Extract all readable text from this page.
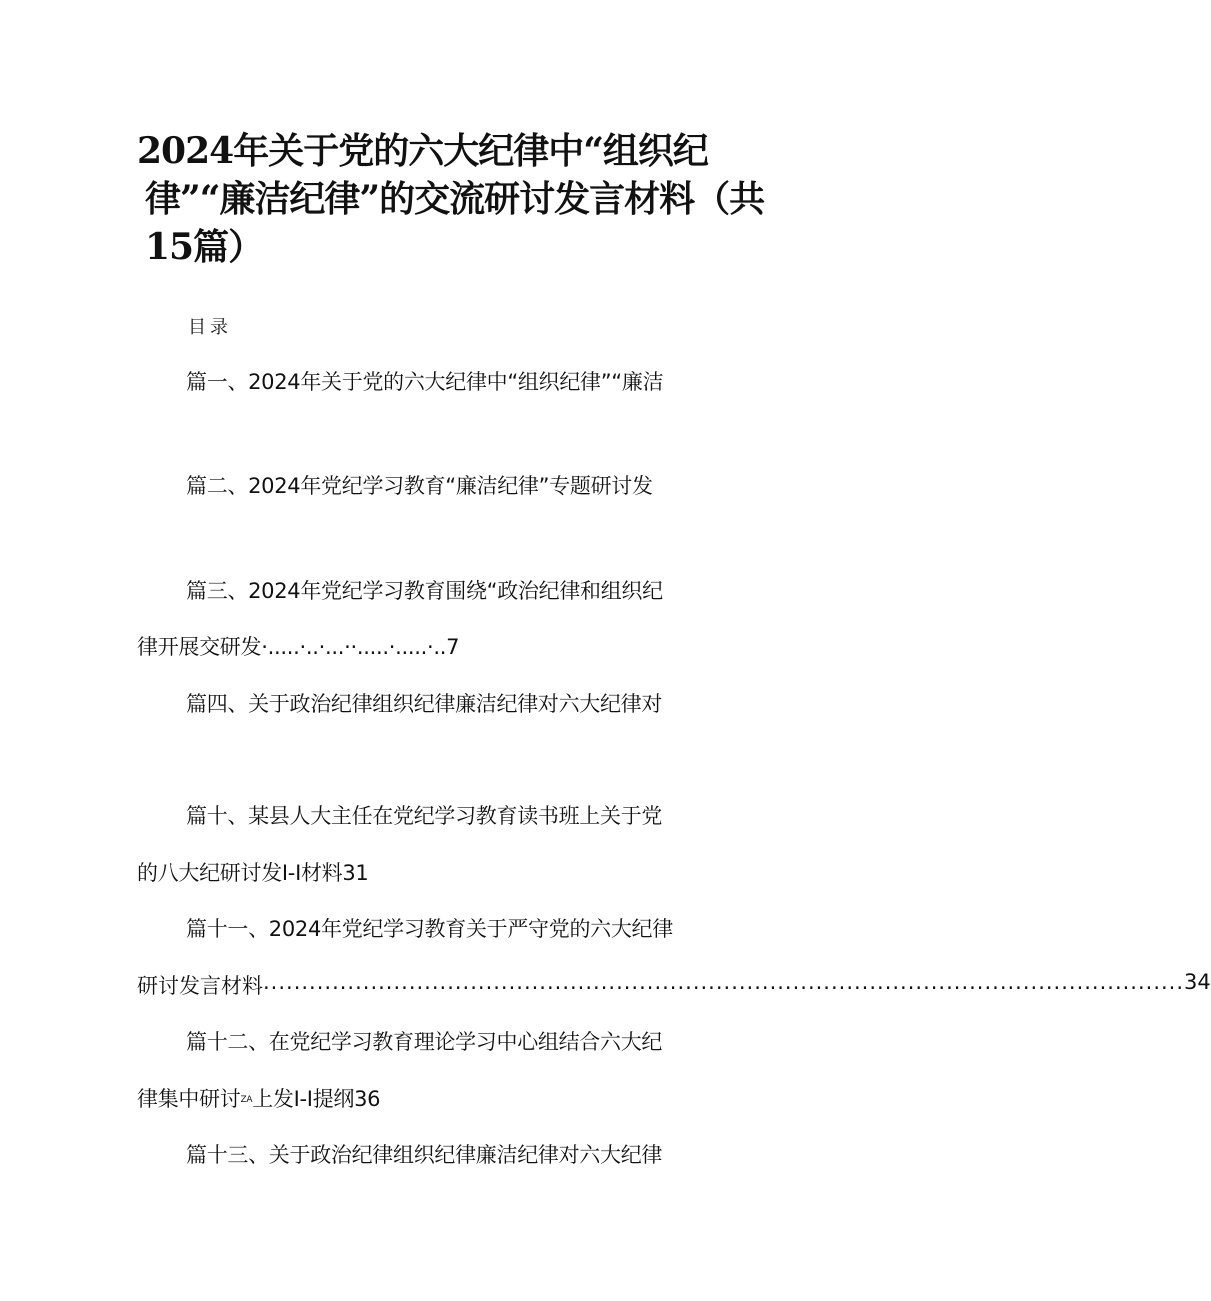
2024年关于党的六大纪律中“组织纪
律”“廉洁纪律”的交流研讨发言材料（共
15篇）
目录
篇一、2024年关于党的六大纪律中“组织纪律”“廉洁
篇二、2024年党纪学习教育“廉洁纪律”专题研讨发
篇三、2024年党纪学习教育围绕“政治纪律和组织纪
律开展交研发·.....·..·...··.....·.....·..7
篇四、关于政治纪律组织纪律廉洁纪律对六大纪律对
篇十、某县人大主任在党纪学习教育读书班上关于党
的八大纪研讨发I-I材料31
篇十一、2024年党纪学习教育关于严守党的六大纪律
研讨发言材料 ........................................................................................................................ 34
篇十二、在党纪学习教育理论学习中心组结合六大纪
律集中研讨ZA上发I-I提纲36
篇十三、关于政治纪律组织纪律廉洁纪律对六大纪律
